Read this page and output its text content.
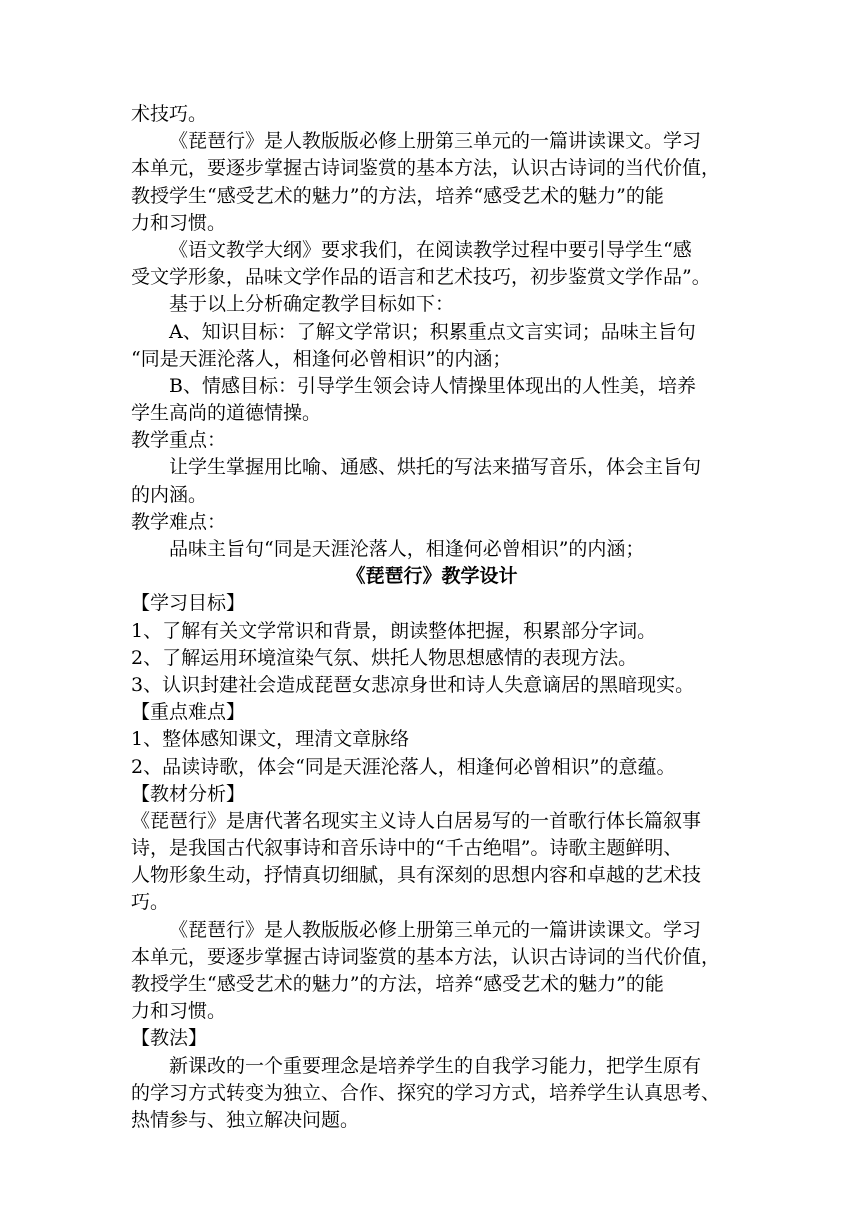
术技巧。
《琵琶行》是人教版版必修上册第三单元的一篇讲读课文。学习
本单元，要逐步掌握古诗词鉴赏的基本方法，认识古诗词的当代价值，
教授学生“感受艺术的魅力”的方法，培养“感受艺术的魅力”的能
力和习惯。
《语文教学大纲》要求我们，在阅读教学过程中要引导学生“感
受文学形象，品味文学作品的语言和艺术技巧，初步鉴赏文学作品”。
基于以上分析确定教学目标如下：
A、知识目标：了解文学常识；积累重点文言实词；品味主旨句
“同是天涯沦落人，相逢何必曾相识”的内涵；
B、情感目标：引导学生领会诗人情操里体现出的人性美，培养
学生高尚的道德情操。
教学重点：
让学生掌握用比喻、通感、烘托的写法来描写音乐，体会主旨句
的内涵。
教学难点：
品味主旨句“同是天涯沦落人，相逢何必曾相识”的内涵；
《琵琶行》教学设计
【学习目标】
1、了解有关文学常识和背景，朗读整体把握，积累部分字词。
2、了解运用环境渲染气氛、烘托人物思想感情的表现方法。
3、认识封建社会造成琵琶女悲凉身世和诗人失意谪居的黑暗现实。
【重点难点】
1、整体感知课文，理清文章脉络
2、品读诗歌，体会“同是天涯沦落人，相逢何必曾相识”的意蕴。
【教材分析】
《琵琶行》是唐代著名现实主义诗人白居易写的一首歌行体长篇叙事
诗，是我国古代叙事诗和音乐诗中的“千古绝唱”。诗歌主题鲜明、
人物形象生动，抒情真切细腻，具有深刻的思想内容和卓越的艺术技
巧。
《琵琶行》是人教版版必修上册第三单元的一篇讲读课文。学习
本单元，要逐步掌握古诗词鉴赏的基本方法，认识古诗词的当代价值，
教授学生“感受艺术的魅力”的方法，培养“感受艺术的魅力”的能
力和习惯。
【教法】
新课改的一个重要理念是培养学生的自我学习能力，把学生原有
的学习方式转变为独立、合作、探究的学习方式，培养学生认真思考、
热情参与、独立解决问题。
